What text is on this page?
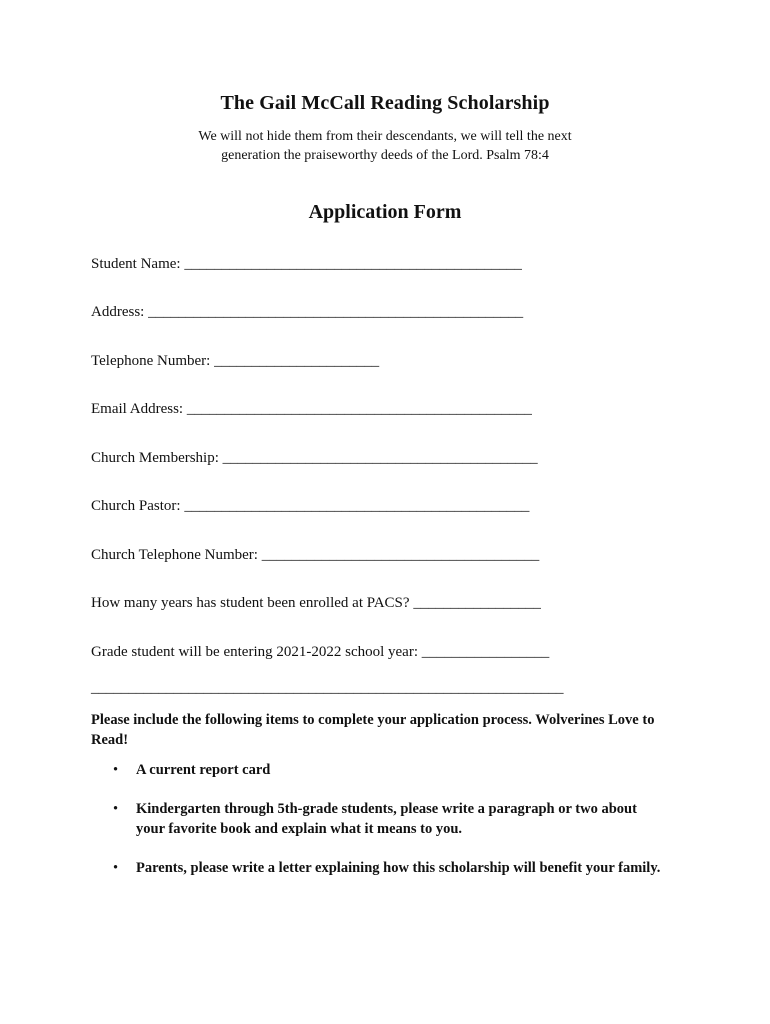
The Gail McCall Reading Scholarship
We will not hide them from their descendants, we will tell the next
generation the praiseworthy deeds of the Lord. Psalm 78:4
Application Form
Student Name: _____________________________________________
Address: __________________________________________________
Telephone Number: ______________________
Email Address: ______________________________________________
Church Membership: __________________________________________
Church Pastor: ______________________________________________
Church Telephone Number: _____________________________________
How many years has student been enrolled at PACS? _________________
Grade student will be entering 2021-2022 school year: _________________
_______________________________________________________________
Please include the following items to complete your application process. Wolverines Love to Read!
• A current report card
• Kindergarten through 5th-grade students, please write a paragraph or two about your favorite book and explain what it means to you.
• Parents, please write a letter explaining how this scholarship will benefit your family.
